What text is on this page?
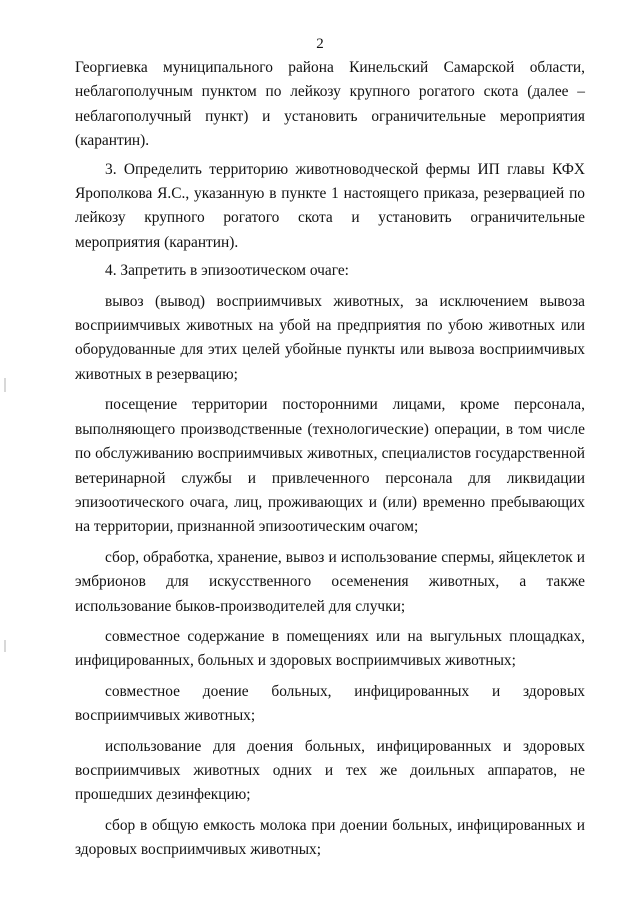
2

Георгиевка муниципального района Кинельский Самарской области, неблагополучным пунктом по лейкозу крупного рогатого скота (далее – неблагополучный пункт) и установить ограничительные мероприятия (карантин).

3. Определить территорию животноводческой фермы ИП главы КФХ Ярополкова Я.С., указанную в пункте 1 настоящего приказа, резервацией по лейкозу крупного рогатого скота и установить ограничительные мероприятия (карантин).

4. Запретить в эпизоотическом очаге:

вывоз (вывод) восприимчивых животных, за исключением вывоза восприимчивых животных на убой на предприятия по убою животных или оборудованные для этих целей убойные пункты или вывоза восприимчивых животных в резервацию;

посещение территории посторонними лицами, кроме персонала, выполняющего производственные (технологические) операции, в том числе по обслуживанию восприимчивых животных, специалистов государственной ветеринарной службы и привлеченного персонала для ликвидации эпизоотического очага, лиц, проживающих и (или) временно пребывающих на территории, признанной эпизоотическим очагом;

сбор, обработка, хранение, вывоз и использование спермы, яйцеклеток и эмбрионов для искусственного осеменения животных, а также использование быков-производителей для случки;

совместное содержание в помещениях или на выгульных площадках, инфицированных, больных и здоровых восприимчивых животных;

совместное доение больных, инфицированных и здоровых восприимчивых животных;

использование для доения больных, инфицированных и здоровых восприимчивых животных одних и тех же доильных аппаратов, не прошедших дезинфекцию;

сбор в общую емкость молока при доении больных, инфицированных и здоровых восприимчивых животных;
